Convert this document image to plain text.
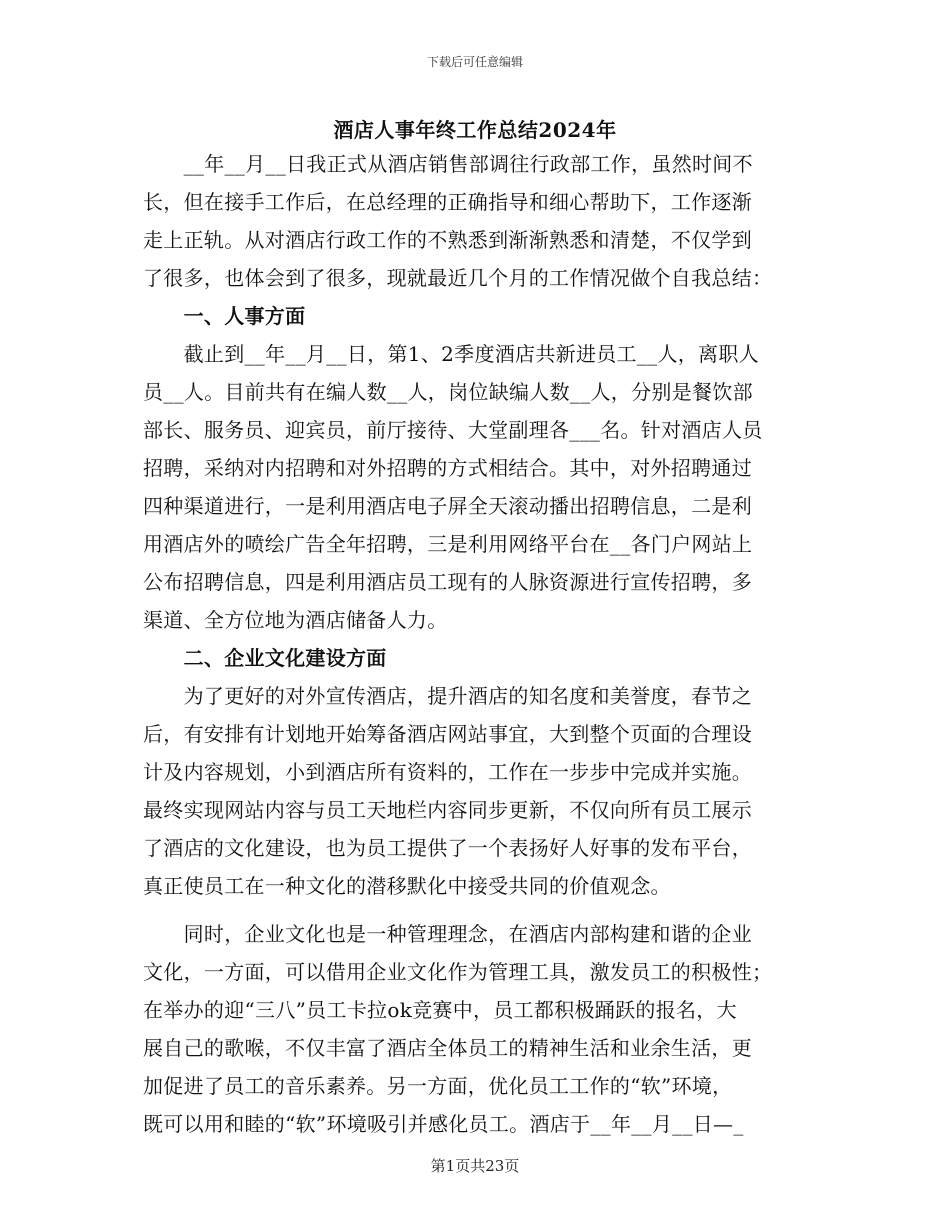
下载后可任意编辑
酒店人事年终工作总结2024年
　　__年__月__日我正式从酒店销售部调往行政部工作，虽然时间不
长，但在接手工作后，在总经理的正确指导和细心帮助下，工作逐渐
走上正轨。从对酒店行政工作的不熟悉到渐渐熟悉和清楚，不仅学到
了很多，也体会到了很多，现就最近几个月的工作情况做个自我总结：
　　一、人事方面
　　截止到__年__月__日，第1、2季度酒店共新进员工__人，离职人
员__人。目前共有在编人数__人，岗位缺编人数__人，分别是餐饮部
部长、服务员、迎宾员，前厅接待、大堂副理各___名。针对酒店人员
招聘，采纳对内招聘和对外招聘的方式相结合。其中，对外招聘通过
四种渠道进行，一是利用酒店电子屏全天滚动播出招聘信息，二是利
用酒店外的喷绘广告全年招聘，三是利用网络平台在__各门户网站上
公布招聘信息，四是利用酒店员工现有的人脉资源进行宣传招聘，多
渠道、全方位地为酒店储备人力。
　　二、企业文化建设方面
　　为了更好的对外宣传酒店，提升酒店的知名度和美誉度，春节之
后，有安排有计划地开始筹备酒店网站事宜，大到整个页面的合理设
计及内容规划，小到酒店所有资料的，工作在一步步中完成并实施。
最终实现网站内容与员工天地栏内容同步更新，不仅向所有员工展示
了酒店的文化建设，也为员工提供了一个表扬好人好事的发布平台，
真正使员工在一种文化的潜移默化中接受共同的价值观念。
　　同时，企业文化也是一种管理理念，在酒店内部构建和谐的企业
文化，一方面，可以借用企业文化作为管理工具，激发员工的积极性；
在举办的迎“三八”员工卡拉ok竞赛中，员工都积极踊跃的报名，大
展自己的歌喉，不仅丰富了酒店全体员工的精神生活和业余生活，更
加促进了员工的音乐素养。另一方面，优化员工工作的“软”环境，
既可以用和睦的“软”环境吸引并感化员工。酒店于__年__月__日—_
第1页共23页
